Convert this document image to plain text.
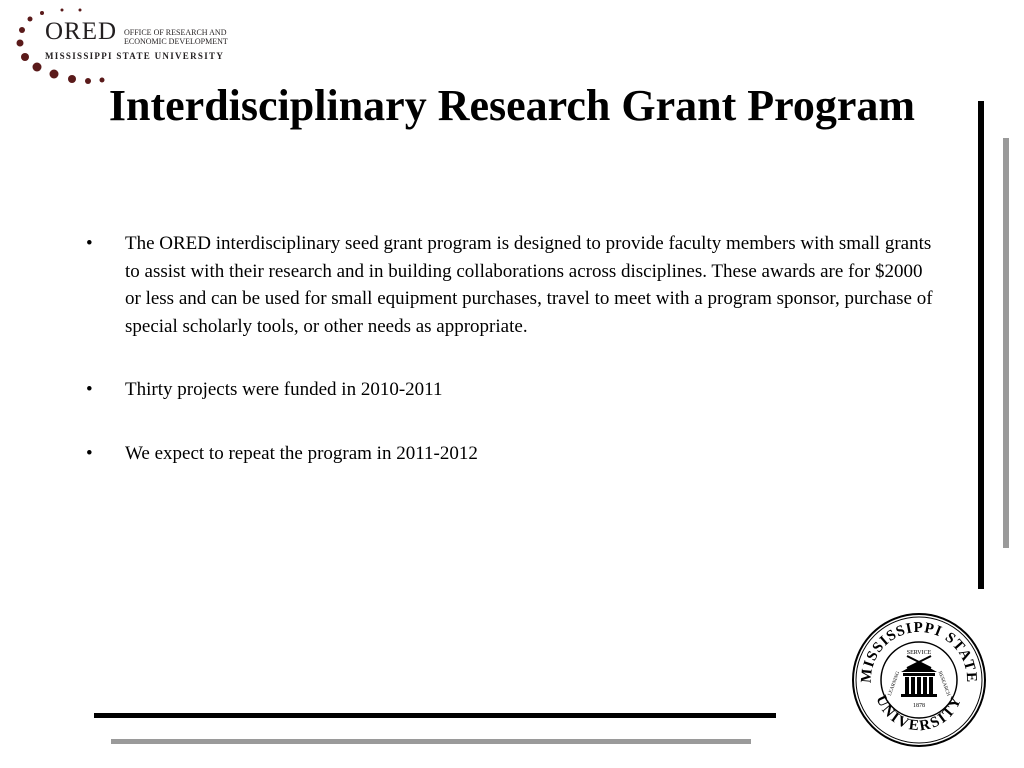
ORED OFFICE OF RESEARCH AND
ECONOMIC DEVELOPMENT
MISSISSIPPI STATE UNIVERSITY
Interdisciplinary Research Grant Program
• The ORED interdisciplinary seed grant program is designed to provide faculty members with small grants to assist with their research and in building collaborations across disciplines. These awards are for $2000 or less and can be used for small equipment purchases, travel to meet with a program sponsor, purchase of special scholarly tools, or other needs as appropriate.
• Thirty projects were funded in 2010-2011
• We expect to repeat the program in 2011-2012
MISSISSIPPI STATE
UNIVERSITY
SERVICE
LEARNING	RESEARCH
1878
